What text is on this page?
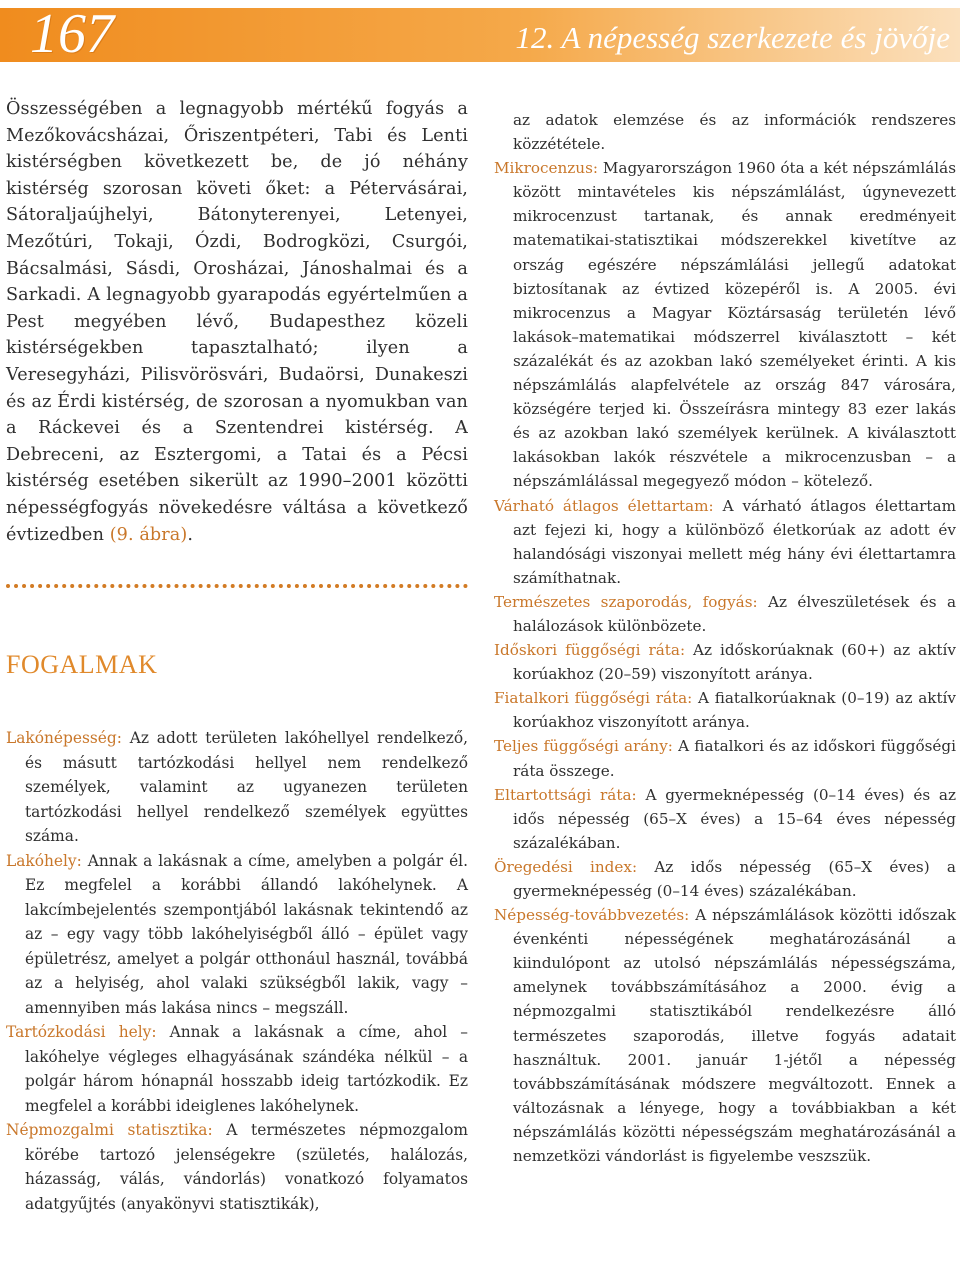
167	12. A népesség szerkezete és jövője

Összességében a legnagyobb mértékű fogyás a Mezőkovácsházai, Őriszentpéteri, Tabi és Lenti kistérségben következett be, de jó néhány kistérség szorosan követi őket: a Pétervásárai, Sátoraljaújhelyi, Bátonyterenyei, Letenyei, Mezőtúri, Tokaji, Ózdi, Bodrogközi, Csurgói, Bácsalmási, Sásdi, Orosházai, Jánoshalmai és a Sarkadi. A legnagyobb gyarapodás egyértelműen a Pest megyében lévő, Budapesthez közeli kistérségekben tapasztalható; ilyen a Veresegyházi, Pilisvörösvári, Budaörsi, Dunakeszi és az Érdi kistérség, de szorosan a nyomukban van a Ráckevei és a Szentendrei kistérség. A Debreceni, az Esztergomi, a Tatai és a Pécsi kistérség esetében sikerült az 1990–2001 közötti népességfogyás növekedésre váltása a következő évtizedben (9. ábra).

FOGALMAK

Lakónépesség: Az adott területen lakóhellyel rendelkező, és másutt tartózkodási hellyel nem rendelkező személyek, valamint az ugyanezen területen tartózkodási hellyel rendelkező személyek együttes száma.

Lakóhely: Annak a lakásnak a címe, amelyben a polgár él. Ez megfelel a korábbi állandó lakóhelynek. A lakcímbejelentés szempontjából lakásnak tekintendő az az – egy vagy több lakóhelyiségből álló – épület vagy épületrész, amelyet a polgár otthonául használ, továbbá az a helyiség, ahol valaki szükségből lakik, vagy – amennyiben más lakása nincs – megszáll.

Tartózkodási hely: Annak a lakásnak a címe, ahol – lakóhelye végleges elhagyásának szándéka nélkül – a polgár három hónapnál hosszabb ideig tartózkodik. Ez megfelel a korábbi ideiglenes lakóhelynek.

Népmozgalmi statisztika: A természetes népmozgalom körébe tartozó jelenségekre (születés, halálozás, házasság, válás, vándorlás) vonatkozó folyamatos adatgyűjtés (anyakönyvi statisztikák),

az adatok elemzése és az információk rendszeres közzététele.

Mikrocenzus: Magyarországon 1960 óta a két népszámlálás között mintavételes kis népszámlálást, úgynevezett mikrocenzust tartanak, és annak eredményeit matematikai-statisztikai módszerekkel kivetítve az ország egészére népszámlálási jellegű adatokat biztosítanak az évtized közepéről is. A 2005. évi mikrocenzus a Magyar Köztársaság területén lévő lakások–matematikai módszerrel kiválasztott – két százalékát és az azokban lakó személyeket érinti. A kis népszámlálás alapfelvétele az ország 847 városára, községére terjed ki. Összeírásra mintegy 83 ezer lakás és az azokban lakó személyek kerülnek. A kiválasztott lakásokban lakók részvétele a mikrocenzusban – a népszámlálással megegyező módon – kötelező.

Várható átlagos élettartam: A várható átlagos élettartam azt fejezi ki, hogy a különböző életkorúak az adott év halandósági viszonyai mellett még hány évi élettartamra számíthatnak.

Természetes szaporodás, fogyás: Az élveszületések és a halálozások különbözete.

Időskori függőségi ráta: Az időskorúaknak (60+) az aktív korúakhoz (20–59) viszonyított aránya.

Fiatalkori függőségi ráta: A fiatalkorúaknak (0–19) az aktív korúakhoz viszonyított aránya.

Teljes függőségi arány: A fiatalkori és az időskori függőségi ráta összege.

Eltartottsági ráta: A gyermeknépesség (0–14 éves) és az idős népesség (65–X éves) a 15–64 éves népesség százalékában.

Öregedési index: Az idős népesség (65–X éves) a gyermeknépesség (0–14 éves) százalékában.

Népesség-továbbvezetés: A népszámlálások közötti időszak évenkénti népességének meghatározásánál a kiindulópont az utolsó népszámlálás népességszáma, amelynek továbbszámításához a 2000. évig a népmozgalmi statisztikából rendelkezésre álló természetes szaporodás, illetve fogyás adatait használtuk. 2001. január 1-jétől a népesség továbbszámításának módszere megváltozott. Ennek a változásnak a lényege, hogy a továbbiakban a két népszámlálás közötti népességszám meghatározásánál a nemzetközi vándorlást is figyelembe veszszük.
